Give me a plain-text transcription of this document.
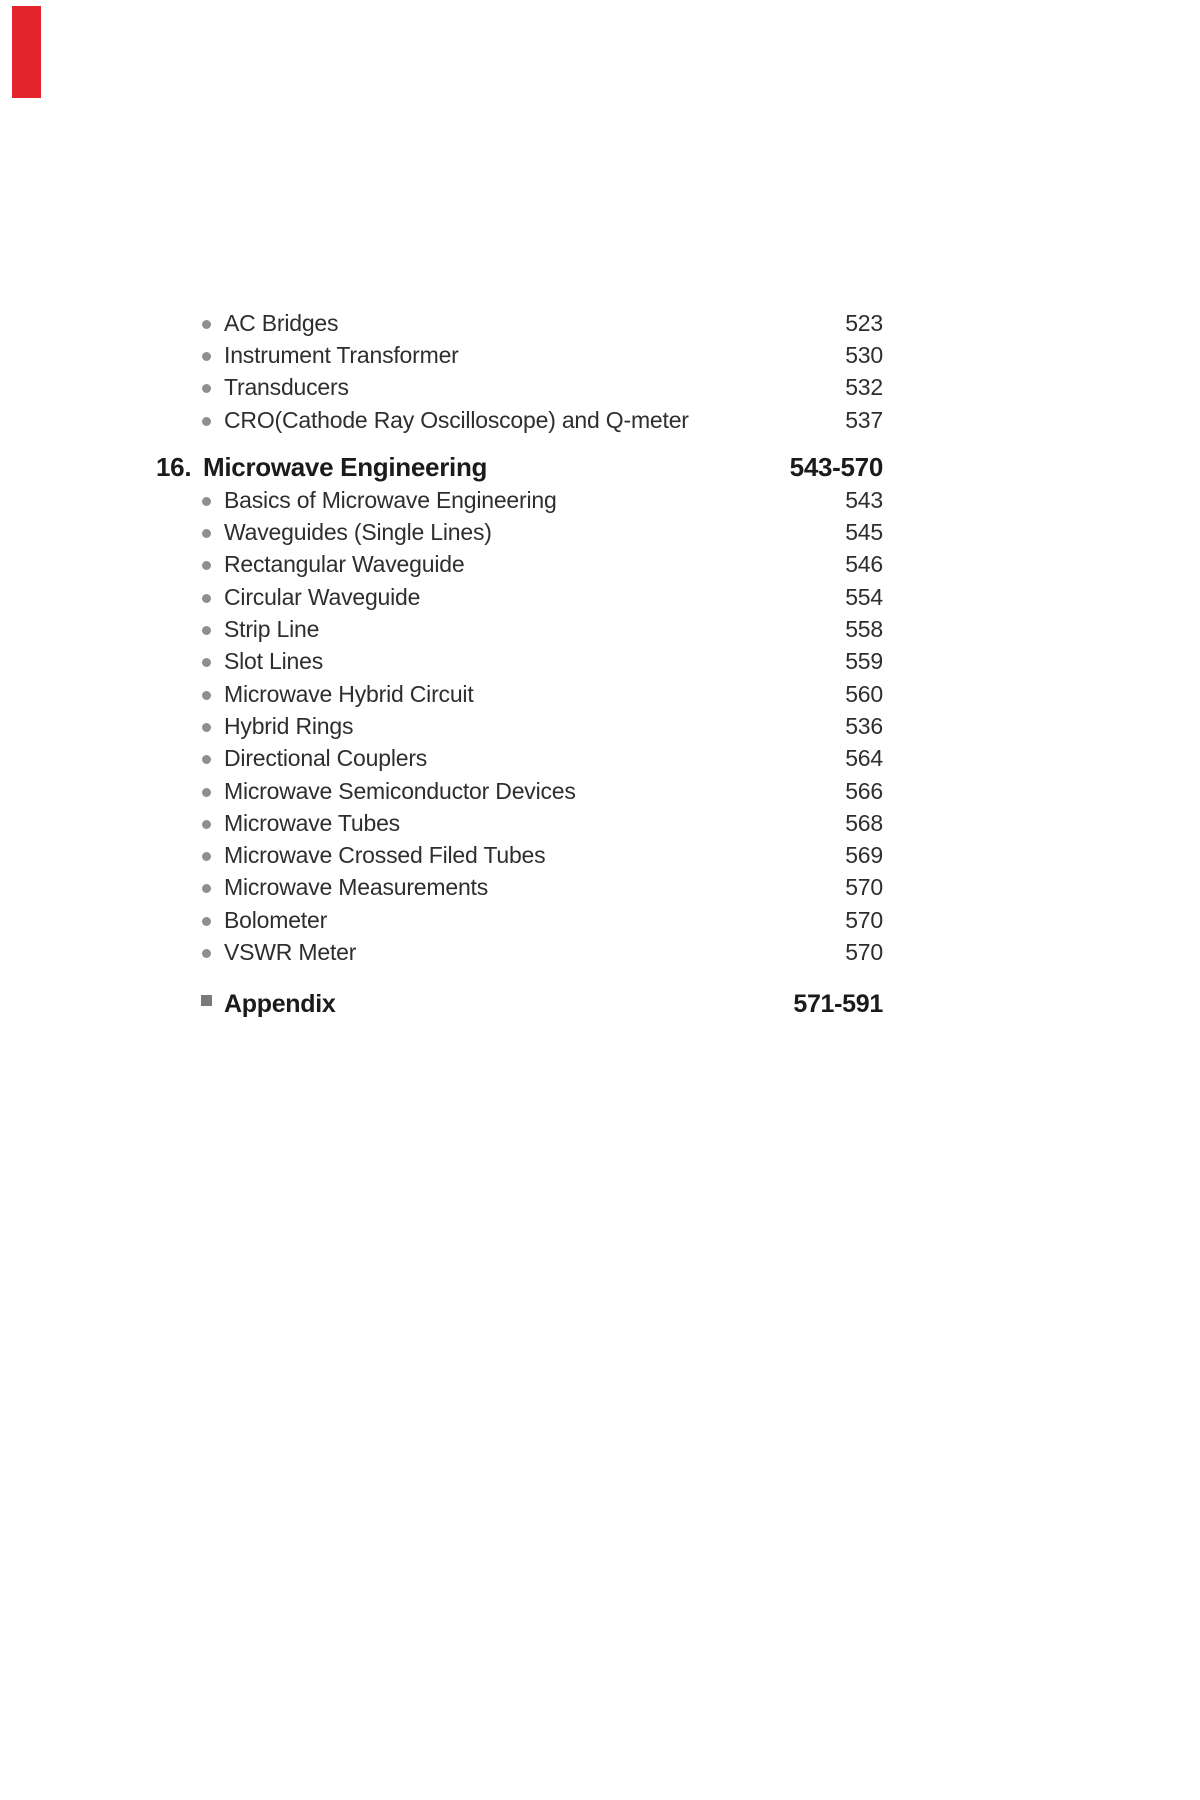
AC Bridges	523
Instrument Transformer	530
Transducers	532
CRO(Cathode Ray Oscilloscope) and Q-meter	537
16. Microwave Engineering	543-570
Basics of Microwave Engineering	543
Waveguides (Single Lines)	545
Rectangular Waveguide	546
Circular Waveguide	554
Strip Line	558
Slot Lines	559
Microwave Hybrid Circuit	560
Hybrid Rings	536
Directional Couplers	564
Microwave Semiconductor Devices	566
Microwave Tubes	568
Microwave Crossed Filed Tubes	569
Microwave Measurements	570
Bolometer	570
VSWR Meter	570
Appendix	571-591
